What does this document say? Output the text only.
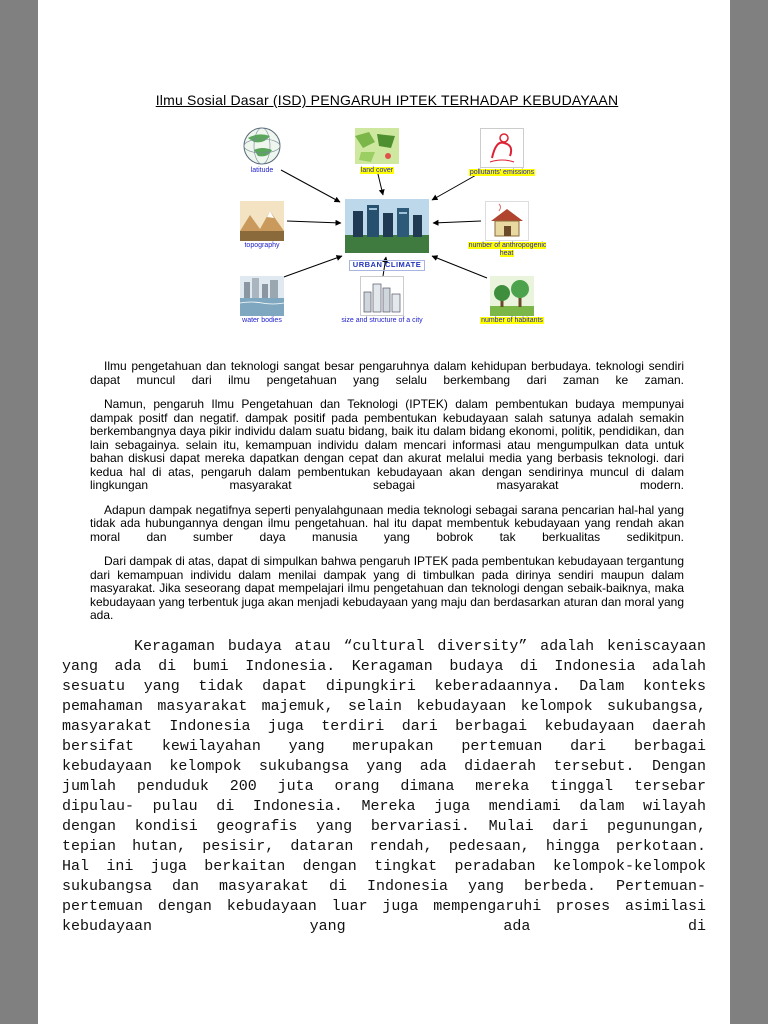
Ilmu Sosial Dasar (ISD) PENGARUH IPTEK TERHADAP KEBUDAYAAN
latitude	land cover	pollutants' emissions
topography
URBAN CLIMATE
number of anthropogenic heat
water bodies	size and structure of a city	number of habitants

Ilmu pengetahuan dan teknologi sangat besar pengaruhnya dalam kehidupan berbudaya. teknologi sendiri dapat muncul dari ilmu pengetahuan yang selalu berkembang dari zaman ke zaman.

Namun, pengaruh Ilmu Pengetahuan dan Teknologi (IPTEK) dalam pembentukan budaya mempunyai dampak positf dan negatif. dampak positif pada pembentukan kebudayaan salah satunya adalah semakin berkembangnya daya pikir individu dalam suatu bidang, baik itu dalam bidang ekonomi, politik, pendidikan, dan lain sebagainya. selain itu, kemampuan individu dalam mencari informasi atau mengumpulkan data untuk bahan diskusi dapat mereka dapatkan dengan cepat dan akurat melalui media yang berbasis teknologi. dari kedua hal di atas, pengaruh dalam pembentukan kebudayaan akan dengan sendirinya muncul di dalam lingkungan masyarakat sebagai masyarakat modern.

Adapun dampak negatifnya seperti penyalahgunaan media teknologi sebagai sarana pencarian hal-hal yang tidak ada hubungannya dengan ilmu pengetahuan. hal itu dapat membentuk kebudayaan yang rendah akan moral dan sumber daya manusia yang bobrok tak berkualitas sedikitpun.

Dari dampak di atas, dapat di simpulkan bahwa pengaruh IPTEK pada pembentukan kebudayaan tergantung dari kemampuan individu dalam menilai dampak yang di timbulkan pada dirinya sendiri maupun dalam masyarakat. Jika seseorang dapat mempelajari ilmu pengetahuan dan teknologi dengan sebaik-baiknya, maka kebudayaan yang terbentuk juga akan menjadi kebudayaan yang maju dan berdasarkan aturan dan moral yang ada.

Keragaman budaya atau “cultural diversity” adalah keniscayaan yang ada di bumi Indonesia. Keragaman budaya di Indonesia adalah sesuatu yang tidak dapat dipungkiri keberadaannya. Dalam konteks pemahaman masyarakat majemuk, selain kebudayaan kelompok sukubangsa, masyarakat Indonesia juga terdiri dari berbagai kebudayaan daerah bersifat kewilayahan yang merupakan pertemuan dari berbagai kebudayaan kelompok sukubangsa yang ada didaerah tersebut. Dengan jumlah penduduk 200 juta orang dimana mereka tinggal tersebar dipulau- pulau di Indonesia. Mereka juga mendiami dalam wilayah dengan kondisi geografis yang bervariasi. Mulai dari pegunungan, tepian hutan, pesisir, dataran rendah, pedesaan, hingga perkotaan. Hal ini juga berkaitan dengan tingkat peradaban kelompok-kelompok sukubangsa dan masyarakat di Indonesia yang berbeda. Pertemuan-pertemuan dengan kebudayaan luar juga mempengaruhi proses asimilasi kebudayaan yang ada di
